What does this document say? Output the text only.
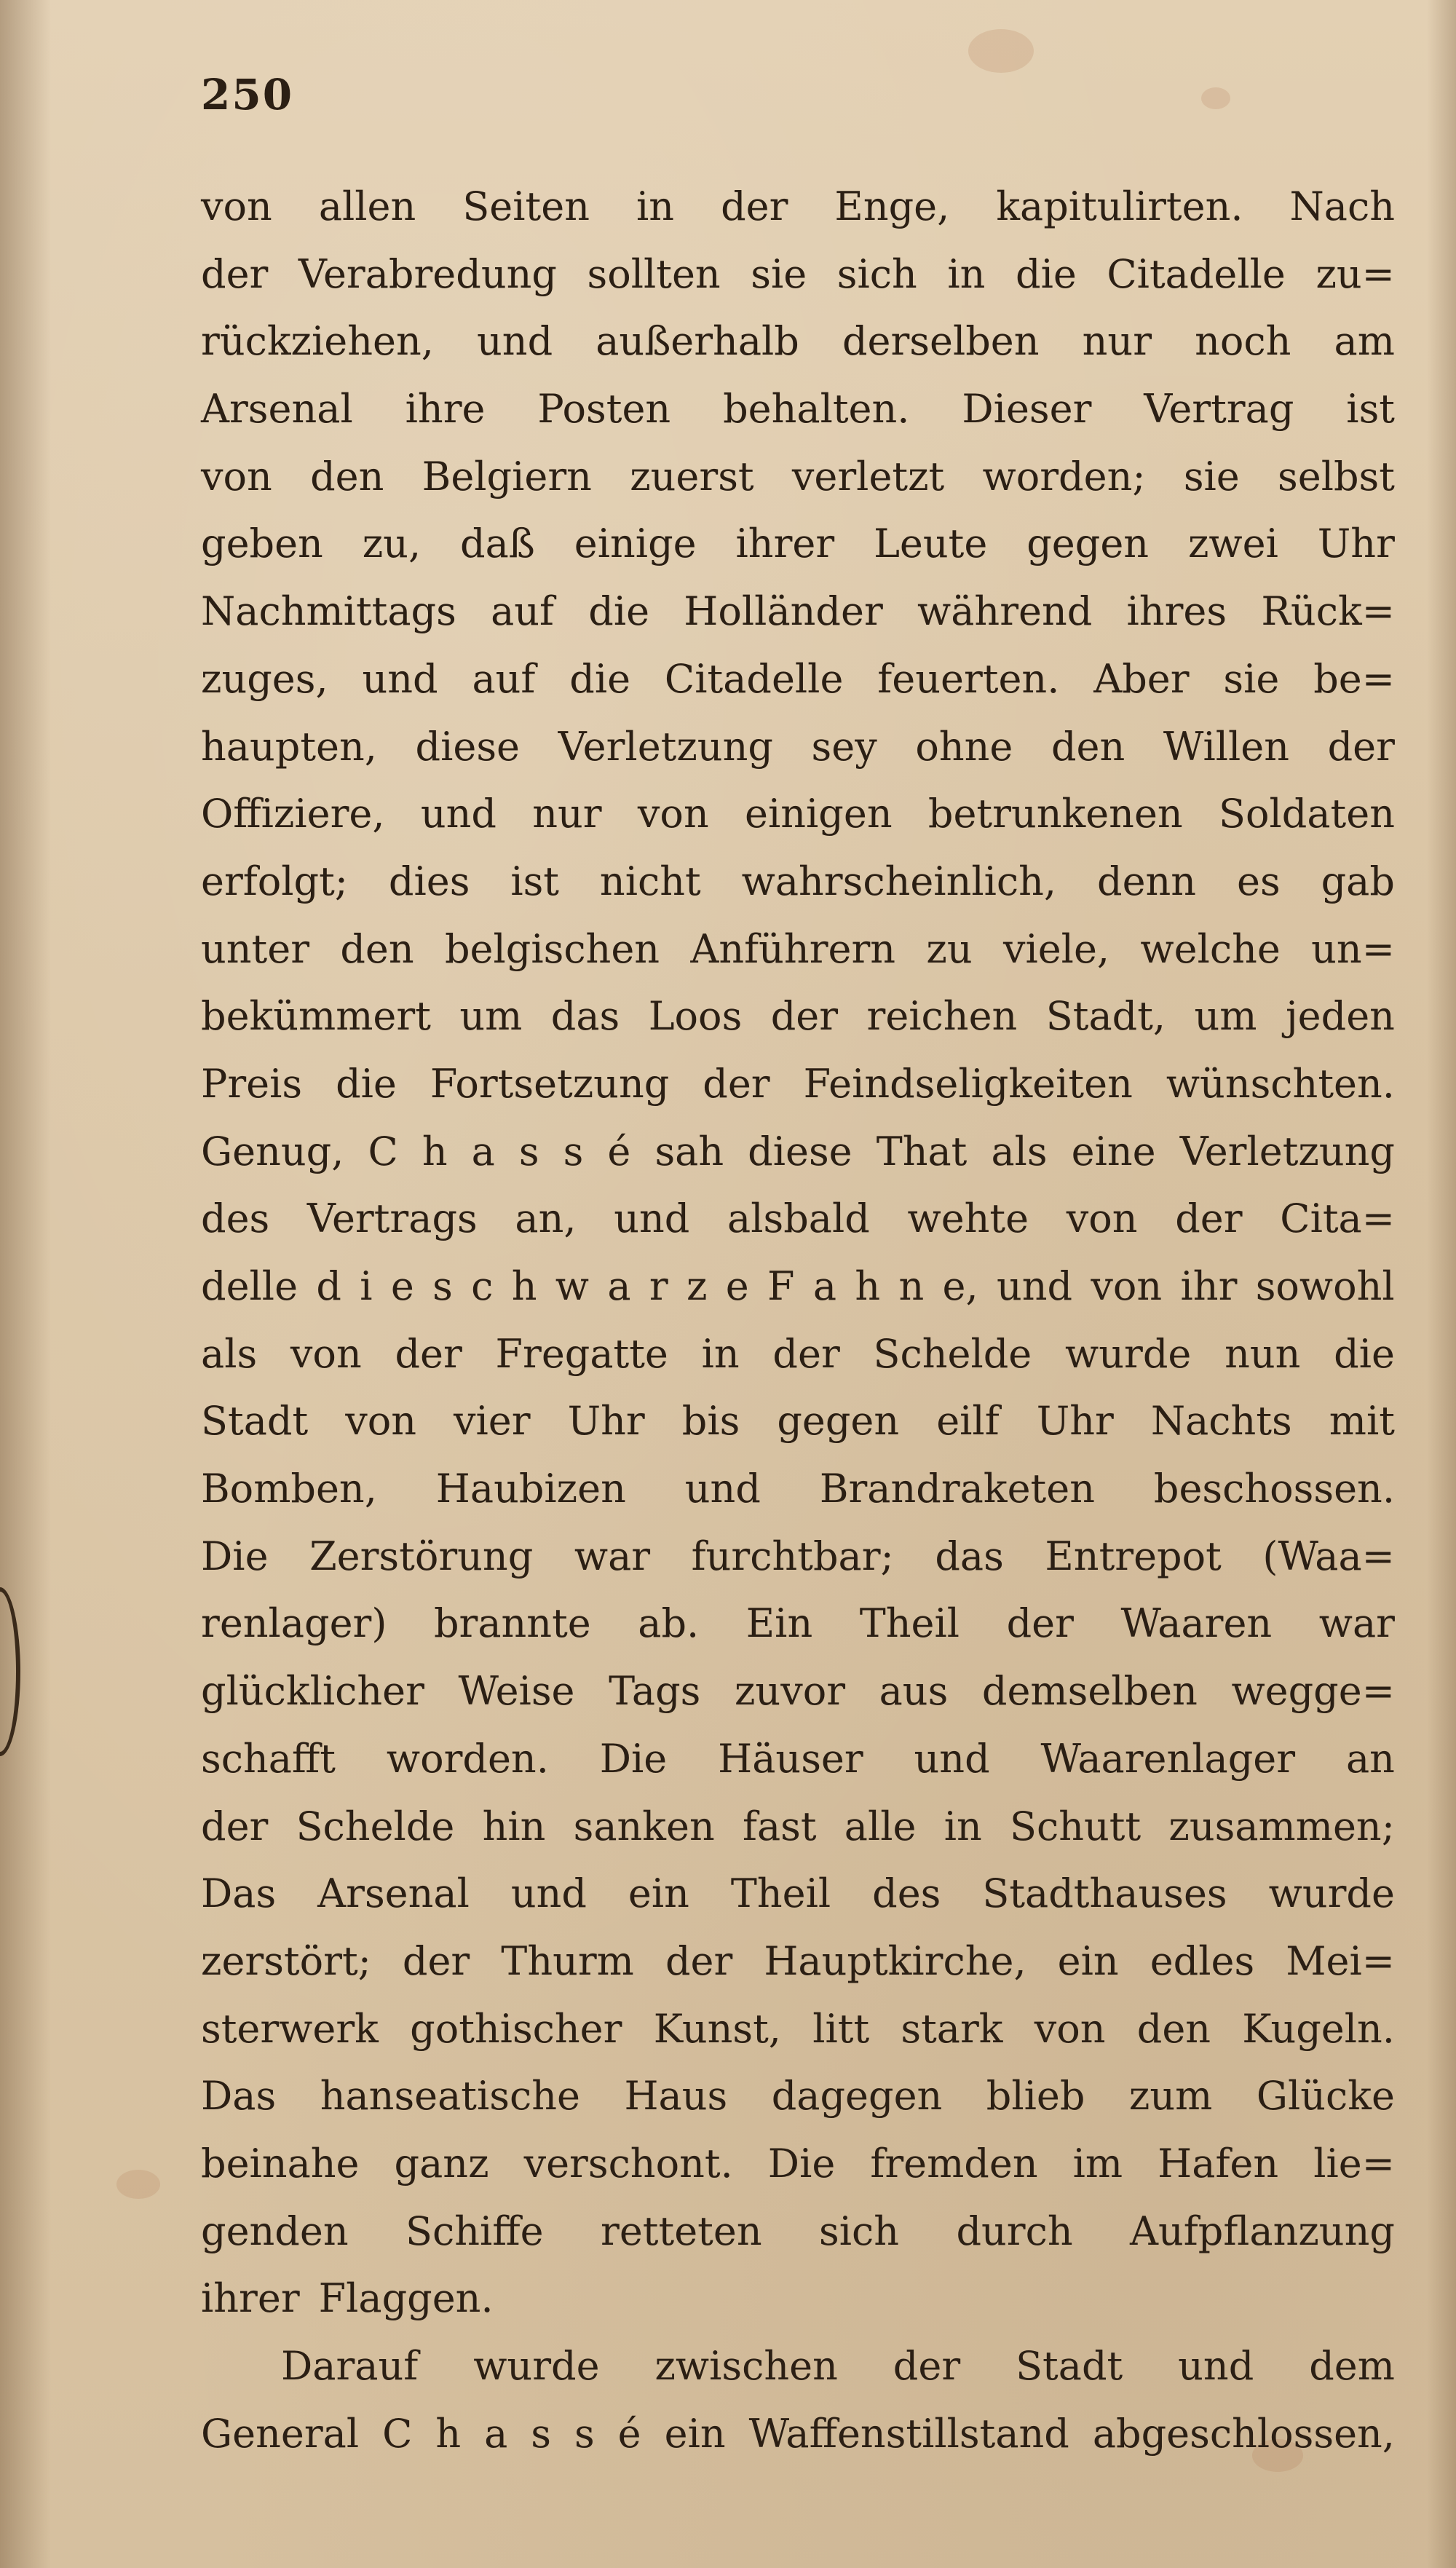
250
von allen Seiten in der Enge, kapitulirten. Nach
der Verabredung sollten sie sich in die Citadelle zu=
rückziehen, und außerhalb derselben nur noch am
Arsenal ihre Posten behalten. Dieser Vertrag ist
von den Belgiern zuerst verletzt worden; sie selbst
geben zu, daß einige ihrer Leute gegen zwei Uhr
Nachmittags auf die Holländer während ihres Rück=
zuges, und auf die Citadelle feuerten. Aber sie be=
haupten, diese Verletzung sey ohne den Willen der
Offiziere, und nur von einigen betrunkenen Soldaten
erfolgt; dies ist nicht wahrscheinlich, denn es gab
unter den belgischen Anführern zu viele, welche un=
bekümmert um das Loos der reichen Stadt, um jeden
Preis die Fortsetzung der Feindseligkeiten wünschten.
Genug, C h a s s é sah diese That als eine Verletzung
des Vertrags an, und alsbald wehte von der Cita=
delle d i e s c h w a r z e F a h n e, und von ihr sowohl
als von der Fregatte in der Schelde wurde nun die
Stadt von vier Uhr bis gegen eilf Uhr Nachts mit
Bomben, Haubizen und Brandraketen beschossen.
Die Zerstörung war furchtbar; das Entrepot (Waa=
renlager) brannte ab. Ein Theil der Waaren war
glücklicher Weise Tags zuvor aus demselben wegge=
schafft worden. Die Häuser und Waarenlager an
der Schelde hin sanken fast alle in Schutt zusammen;
Das Arsenal und ein Theil des Stadthauses wurde
zerstört; der Thurm der Hauptkirche, ein edles Mei=
sterwerk gothischer Kunst, litt stark von den Kugeln.
Das hanseatische Haus dagegen blieb zum Glücke
beinahe ganz verschont. Die fremden im Hafen lie=
genden Schiffe retteten sich durch Aufpflanzung
ihrer Flaggen.
Darauf wurde zwischen der Stadt und dem
General C h a s s é ein Waffenstillstand abgeschlossen,
